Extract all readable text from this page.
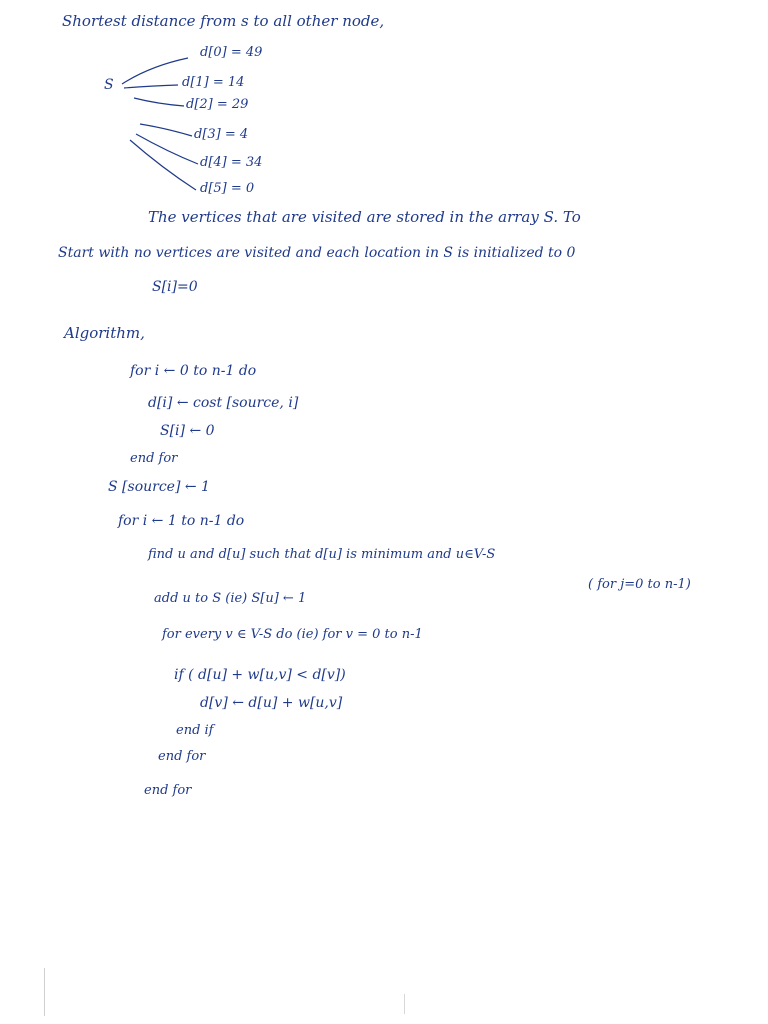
Shortest distance from s to all other node,
S
d[0] = 49
d[1] = 14
d[2] = 29
d[3] = 4
d[4] = 34
d[5] = 0
The vertices that are visited are stored in the array S. To
Start with no vertices are visited and each location in S is initialized to 0
S[i]=0
Algorithm,
for i ← 0 to n-1 do
d[i] ← cost [source, i]
S[i] ← 0
end for
S [source] ← 1
for i ← 1 to n-1 do
find u and d[u] such that d[u] is minimum and u∈V-S
( for j=0 to n-1)
add u to S (ie) S[u] ← 1
for every v ∈ V-S do (ie) for v = 0 to n-1
if ( d[u] + w[u,v] < d[v])
d[v] ← d[u] + w[u,v]
end if
end for
end for
